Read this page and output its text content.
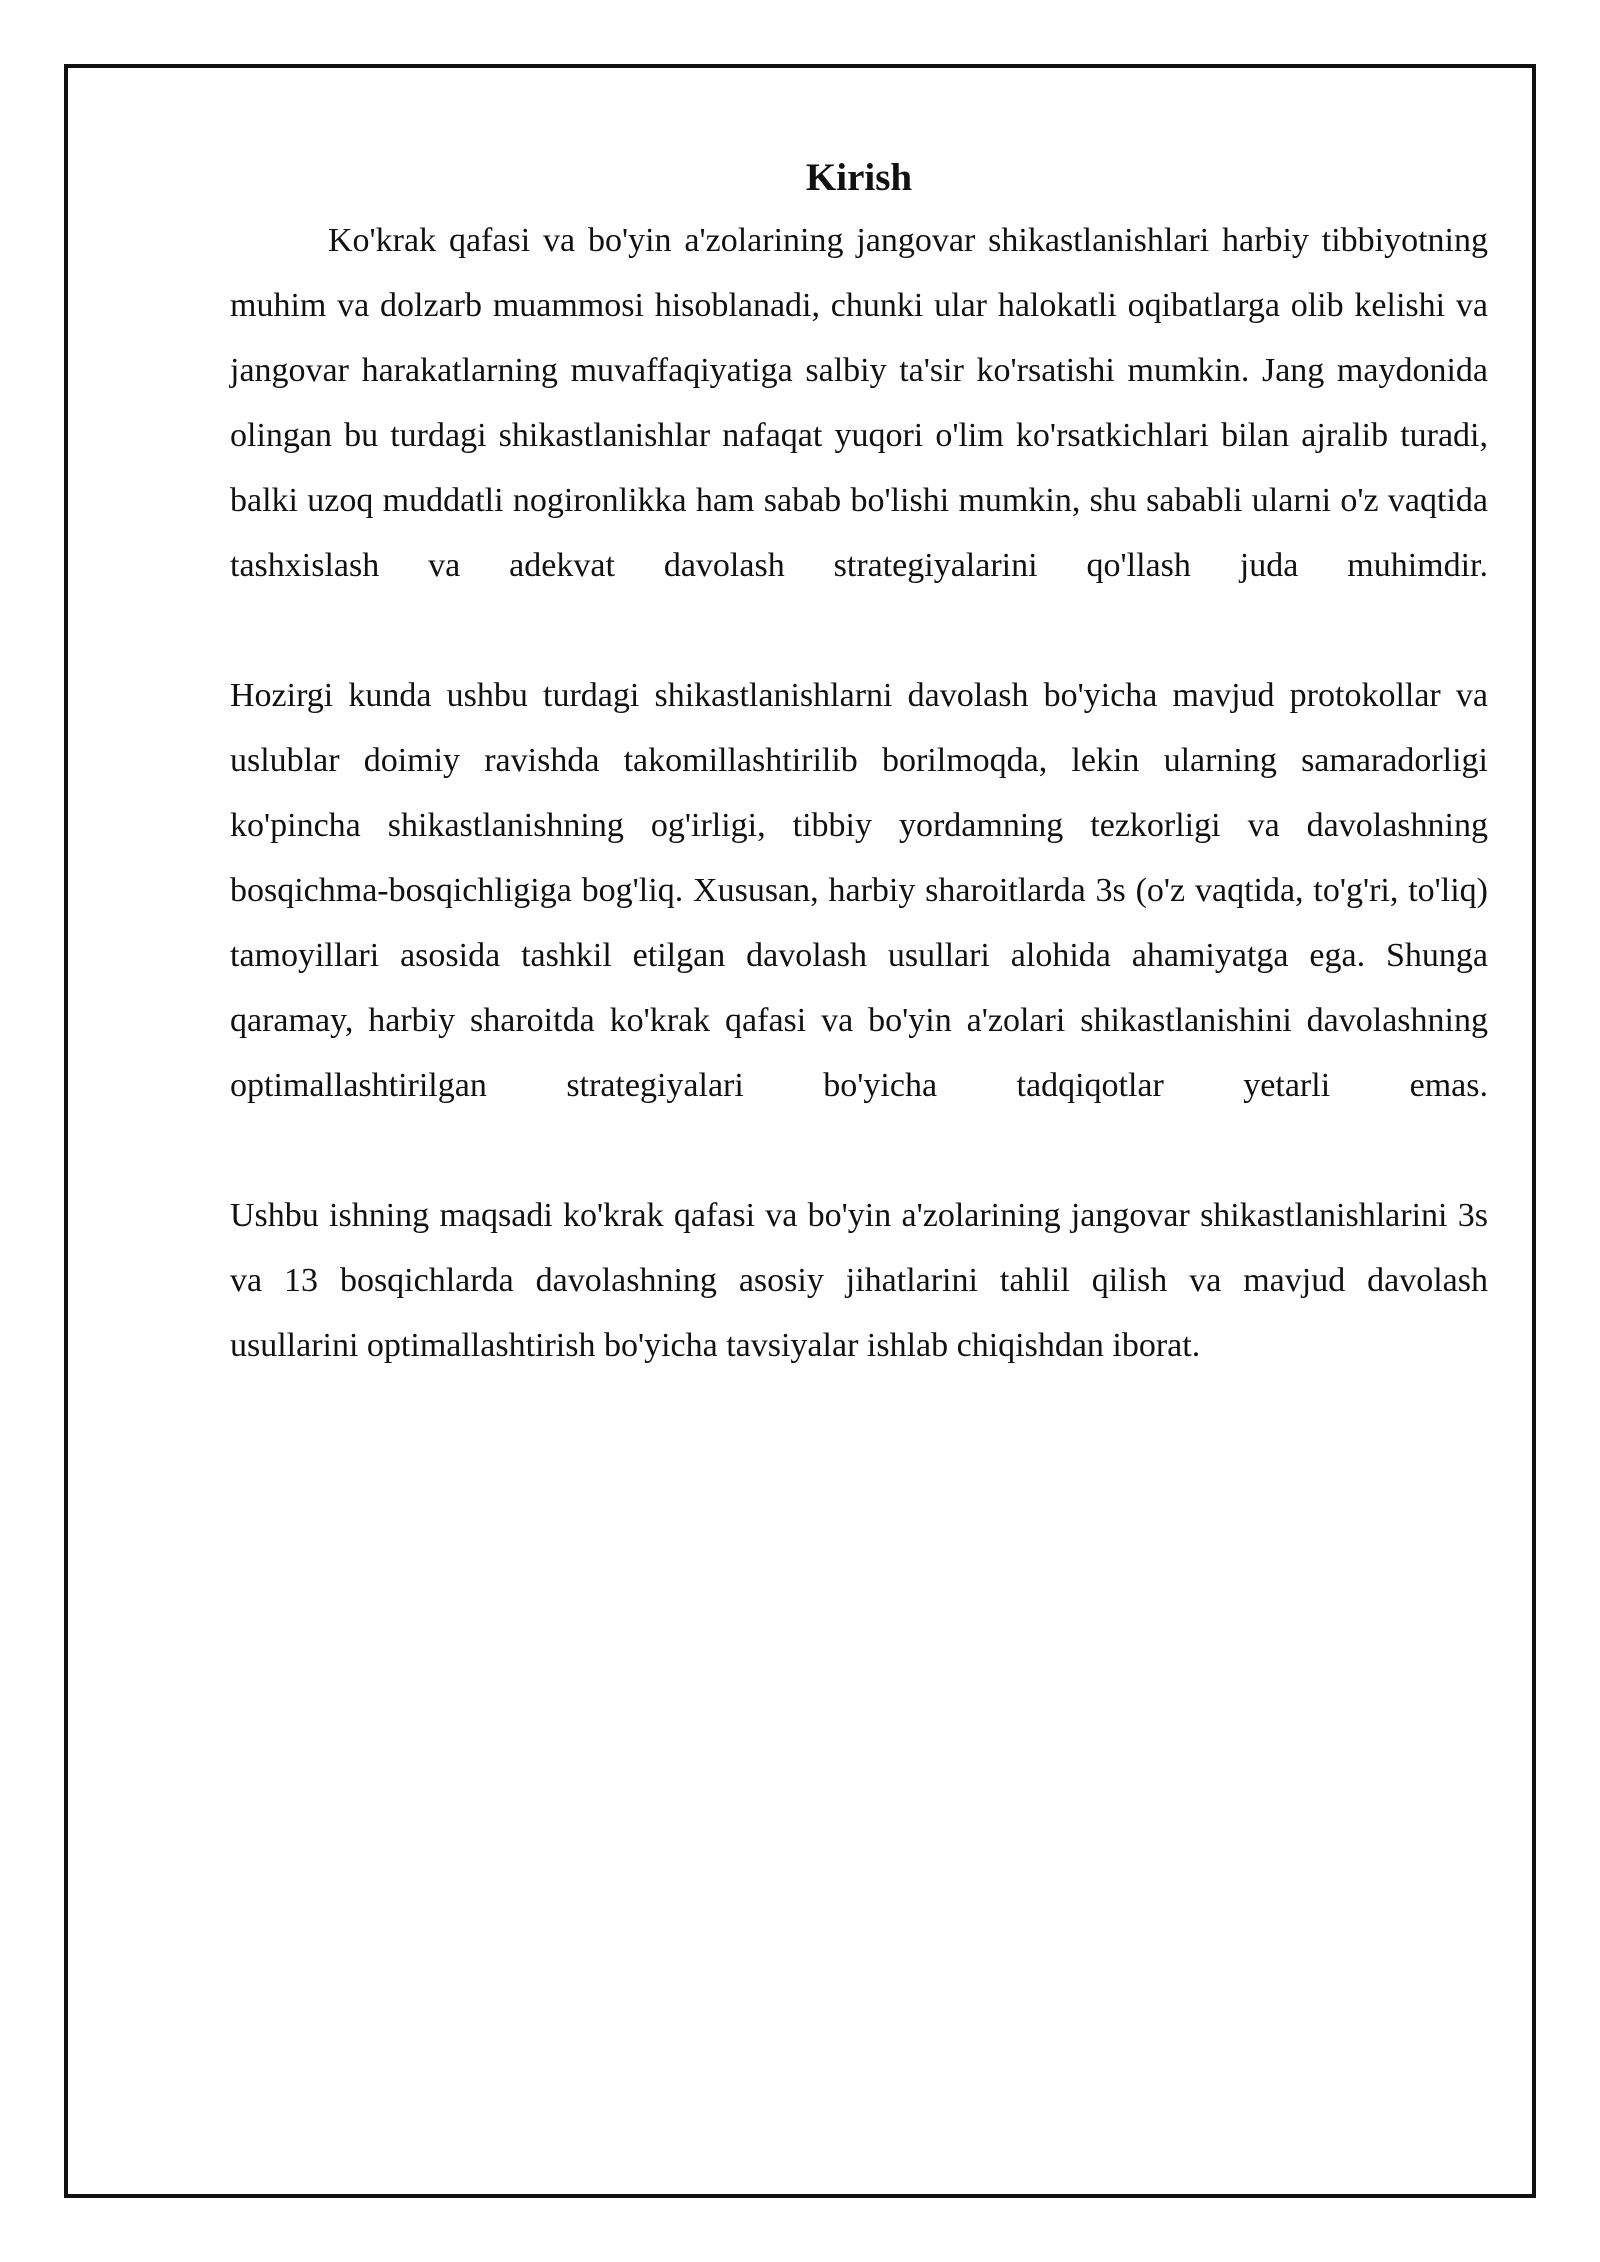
Kirish

Ko'krak qafasi va bo'yin a'zolarining jangovar shikastlanishlari harbiy tibbiyotning muhim va dolzarb muammosi hisoblanadi, chunki ular halokatli oqibatlarga olib kelishi va jangovar harakatlarning muvaffaqiyatiga salbiy ta'sir ko'rsatishi mumkin. Jang maydonida olingan bu turdagi shikastlanishlar nafaqat yuqori o'lim ko'rsatkichlari bilan ajralib turadi, balki uzoq muddatli nogironlikka ham sabab bo'lishi mumkin, shu sababli ularni o'z vaqtida tashxislash va adekvat davolash strategiyalarini qo'llash juda muhimdir.

Hozirgi kunda ushbu turdagi shikastlanishlarni davolash bo'yicha mavjud protokollar va uslublar doimiy ravishda takomillashtirilib borilmoqda, lekin ularning samaradorligi ko'pincha shikastlanishning og'irligi, tibbiy yordamning tezkorligi va davolashning bosqichma-bosqichligiga bog'liq. Xususan, harbiy sharoitlarda 3s (o'z vaqtida, to'g'ri, to'liq) tamoyillari asosida tashkil etilgan davolash usullari alohida ahamiyatga ega. Shunga qaramay, harbiy sharoitda ko'krak qafasi va bo'yin a'zolari shikastlanishini davolashning optimallashtirilgan strategiyalari bo'yicha tadqiqotlar yetarli emas.

Ushbu ishning maqsadi ko'krak qafasi va bo'yin a'zolarining jangovar shikastlanishlarini 3s va 13 bosqichlarda davolashning asosiy jihatlarini tahlil qilish va mavjud davolash usullarini optimallashtirish bo'yicha tavsiyalar ishlab chiqishdan iborat.
